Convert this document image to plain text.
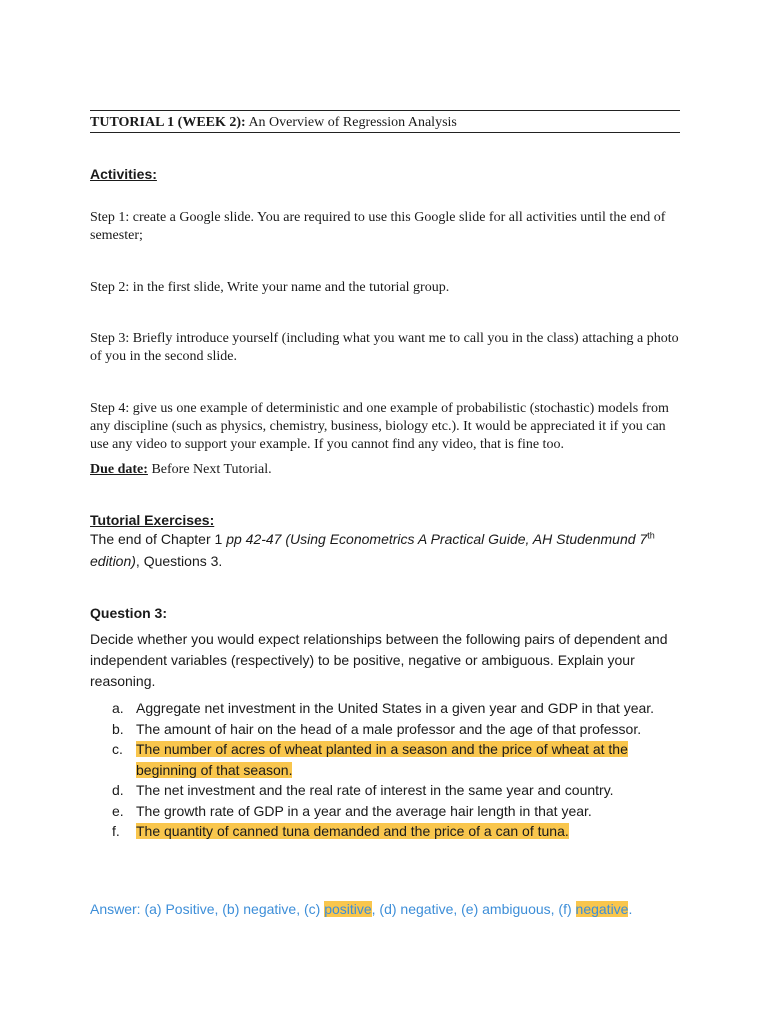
TUTORIAL 1 (WEEK 2): An Overview of Regression Analysis
Activities:
Step 1: create a Google slide. You are required to use this Google slide for all activities until the end of semester;
Step 2: in the first slide, Write your name and the tutorial group.
Step 3: Briefly introduce yourself (including what you want me to call you in the class) attaching a photo of you in the second slide.
Step 4: give us one example of deterministic and one example of probabilistic (stochastic) models from any discipline (such as physics, chemistry, business, biology etc.). It would be appreciated it if you can use any video to support your example. If you cannot find any video, that is fine too.
Due date: Before Next Tutorial.
Tutorial Exercises:
The end of Chapter 1 pp 42-47 (Using Econometrics A Practical Guide, AH Studenmund 7th edition), Questions 3.
Question 3:
Decide whether you would expect relationships between the following pairs of dependent and independent variables (respectively) to be positive, negative or ambiguous. Explain your reasoning.
a. Aggregate net investment in the United States in a given year and GDP in that year.
b. The amount of hair on the head of a male professor and the age of that professor.
c. The number of acres of wheat planted in a season and the price of wheat at the beginning of that season.
d. The net investment and the real rate of interest in the same year and country.
e. The growth rate of GDP in a year and the average hair length in that year.
f. The quantity of canned tuna demanded and the price of a can of tuna.
Answer: (a) Positive, (b) negative, (c) positive, (d) negative, (e) ambiguous, (f) negative.
